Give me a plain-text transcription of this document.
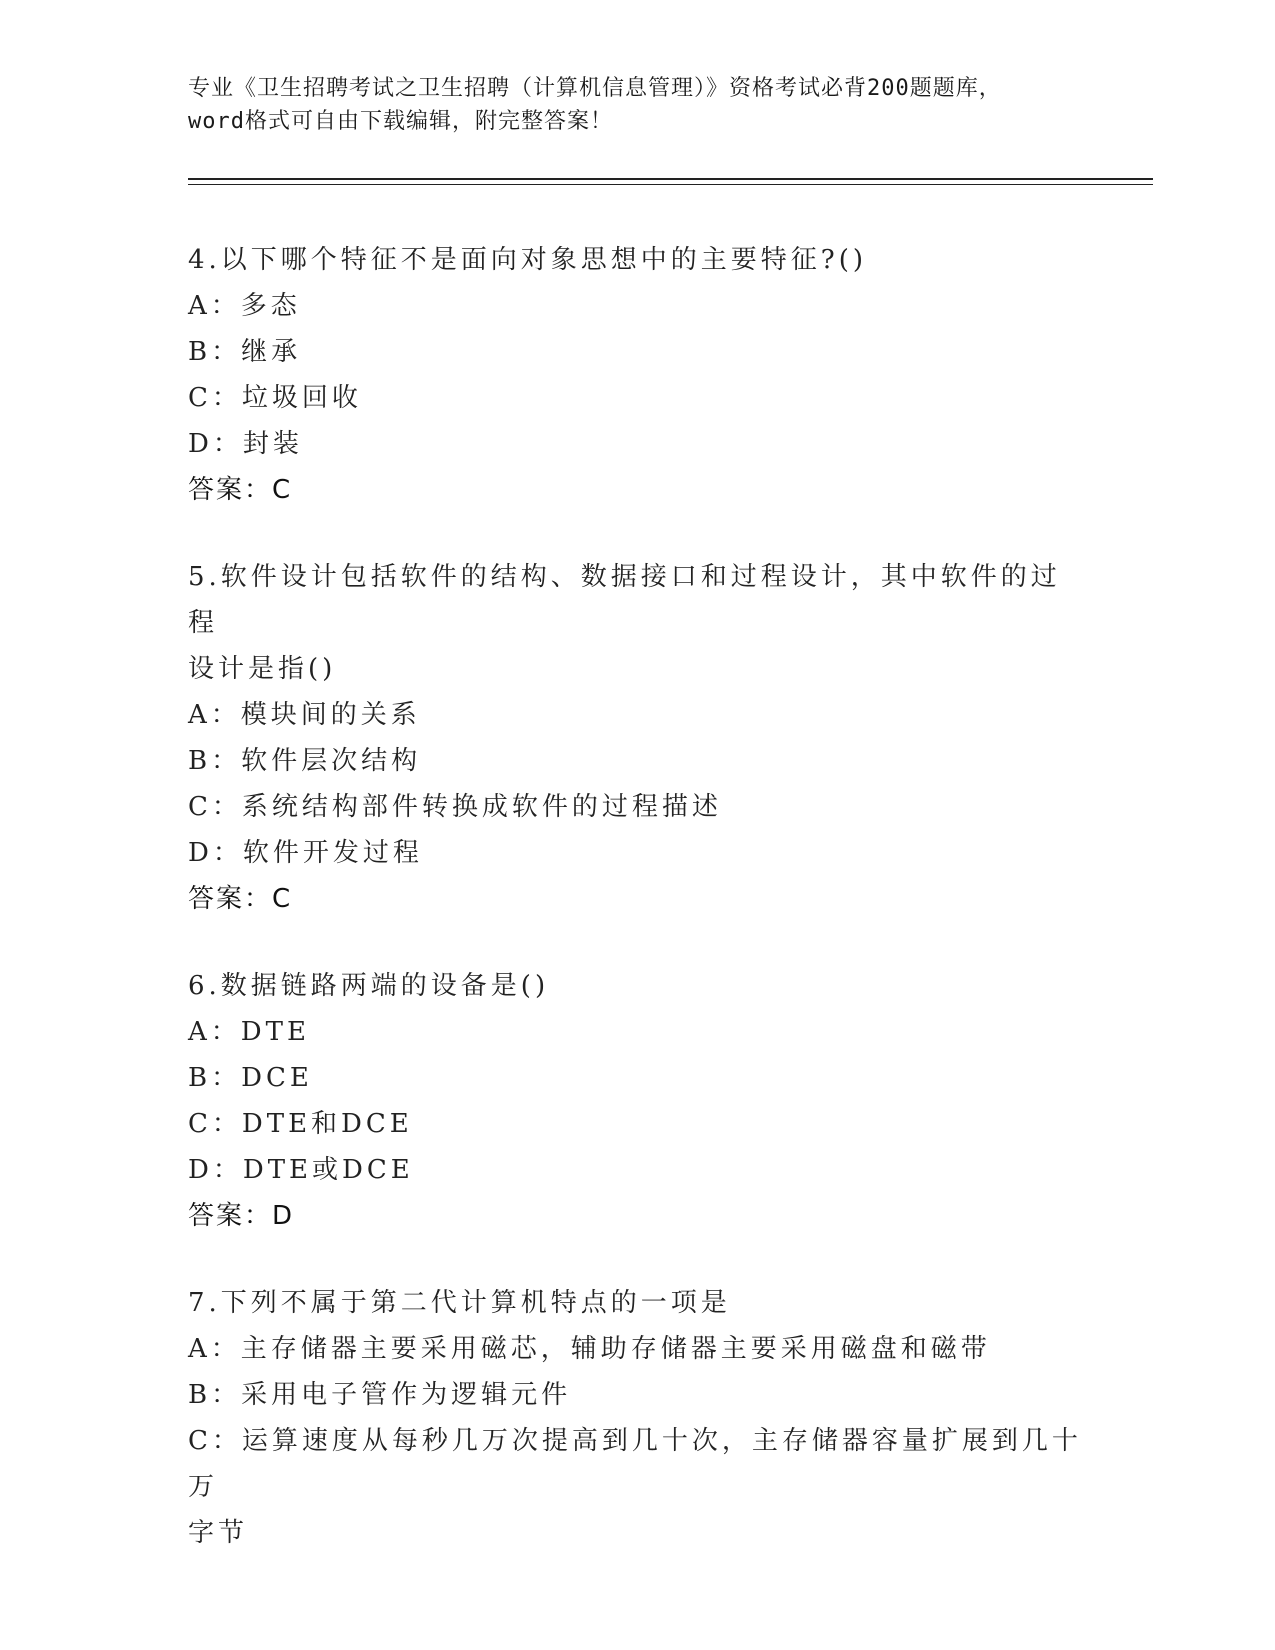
专业《卫生招聘考试之卫生招聘（计算机信息管理）》资格考试必背200题题库，
word格式可自由下载编辑，附完整答案！
4.以下哪个特征不是面向对象思想中的主要特征?()
A：多态
B：继承
C：垃圾回收
D：封装
答案：C
5.软件设计包括软件的结构、数据接口和过程设计，其中软件的过程
设计是指()
A：模块间的关系
B：软件层次结构
C：系统结构部件转换成软件的过程描述
D：软件开发过程
答案：C
6.数据链路两端的设备是()
A：DTE
B：DCE
C：DTE和DCE
D：DTE或DCE
答案：D
7.下列不属于第二代计算机特点的一项是
A：主存储器主要采用磁芯，辅助存储器主要采用磁盘和磁带
B：采用电子管作为逻辑元件
C：运算速度从每秒几万次提高到几十次，主存储器容量扩展到几十万
字节
